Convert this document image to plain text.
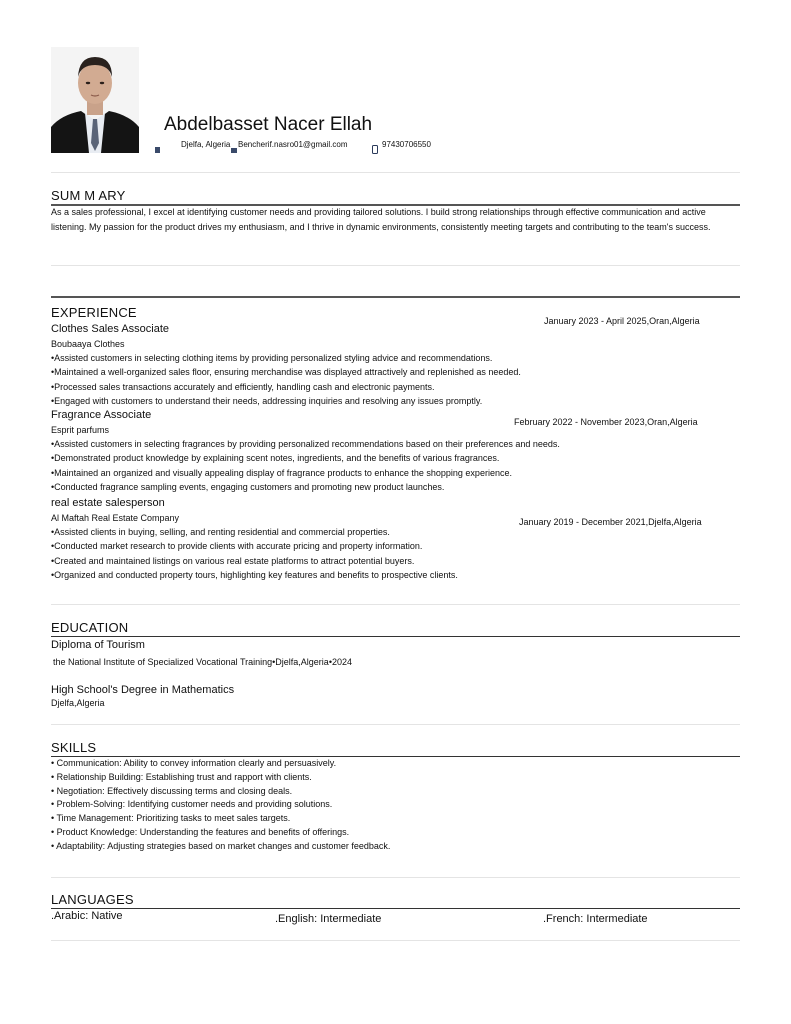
Abdelbasset Nacer Ellah
Djelfa, Algeria Bencherif.nasro01@gmail.com	97430706550
SUM M ARY
As a sales professional, I excel at identifying customer needs and providing tailored solutions. I build strong relationships through effective communication and active listening. My passion for the product drives my enthusiasm, and I thrive in dynamic environments, consistently meeting targets and contributing to the team's success.
EXPERIENCE
Clothes Sales Associate
January 2023 - April 2025,Oran,Algeria
Boubaaya Clothes
•Assisted customers in selecting clothing items by providing personalized styling advice and recommendations.
•Maintained a well-organized sales floor, ensuring merchandise was displayed attractively and replenished as needed.
•Processed sales transactions accurately and efficiently, handling cash and electronic payments.
•Engaged with customers to understand their needs, addressing inquiries and resolving any issues promptly.
Fragrance Associate
February 2022 - November 2023,Oran,Algeria
Esprit parfums
•Assisted customers in selecting fragrances by providing personalized recommendations based on their preferences and needs.
•Demonstrated product knowledge by explaining scent notes, ingredients, and the benefits of various fragrances.
•Maintained an organized and visually appealing display of fragrance products to enhance the shopping experience.
•Conducted fragrance sampling events, engaging customers and promoting new product launches.
real estate salesperson
January 2019 - December 2021,Djelfa,Algeria
Al Maftah Real Estate Company
•Assisted clients in buying, selling, and renting residential and commercial properties.
•Conducted market research to provide clients with accurate pricing and property information.
•Created and maintained listings on various real estate platforms to attract potential buyers.
•Organized and conducted property tours, highlighting key features and benefits to prospective clients.
EDUCATION
Diploma of Tourism
the National Institute of Specialized Vocational Training•Djelfa,Algeria•2024
High School's Degree in Mathematics
Djelfa,Algeria
SKILLS
• Communication: Ability to convey information clearly and persuasively.
• Relationship Building: Establishing trust and rapport with clients.
• Negotiation: Effectively discussing terms and closing deals.
• Problem-Solving: Identifying customer needs and providing solutions.
• Time Management: Prioritizing tasks to meet sales targets.
• Product Knowledge: Understanding the features and benefits of offerings.
• Adaptability: Adjusting strategies based on market changes and customer feedback.
LANGUAGES
.Arabic: Native	.English: Intermediate	.French: Intermediate
